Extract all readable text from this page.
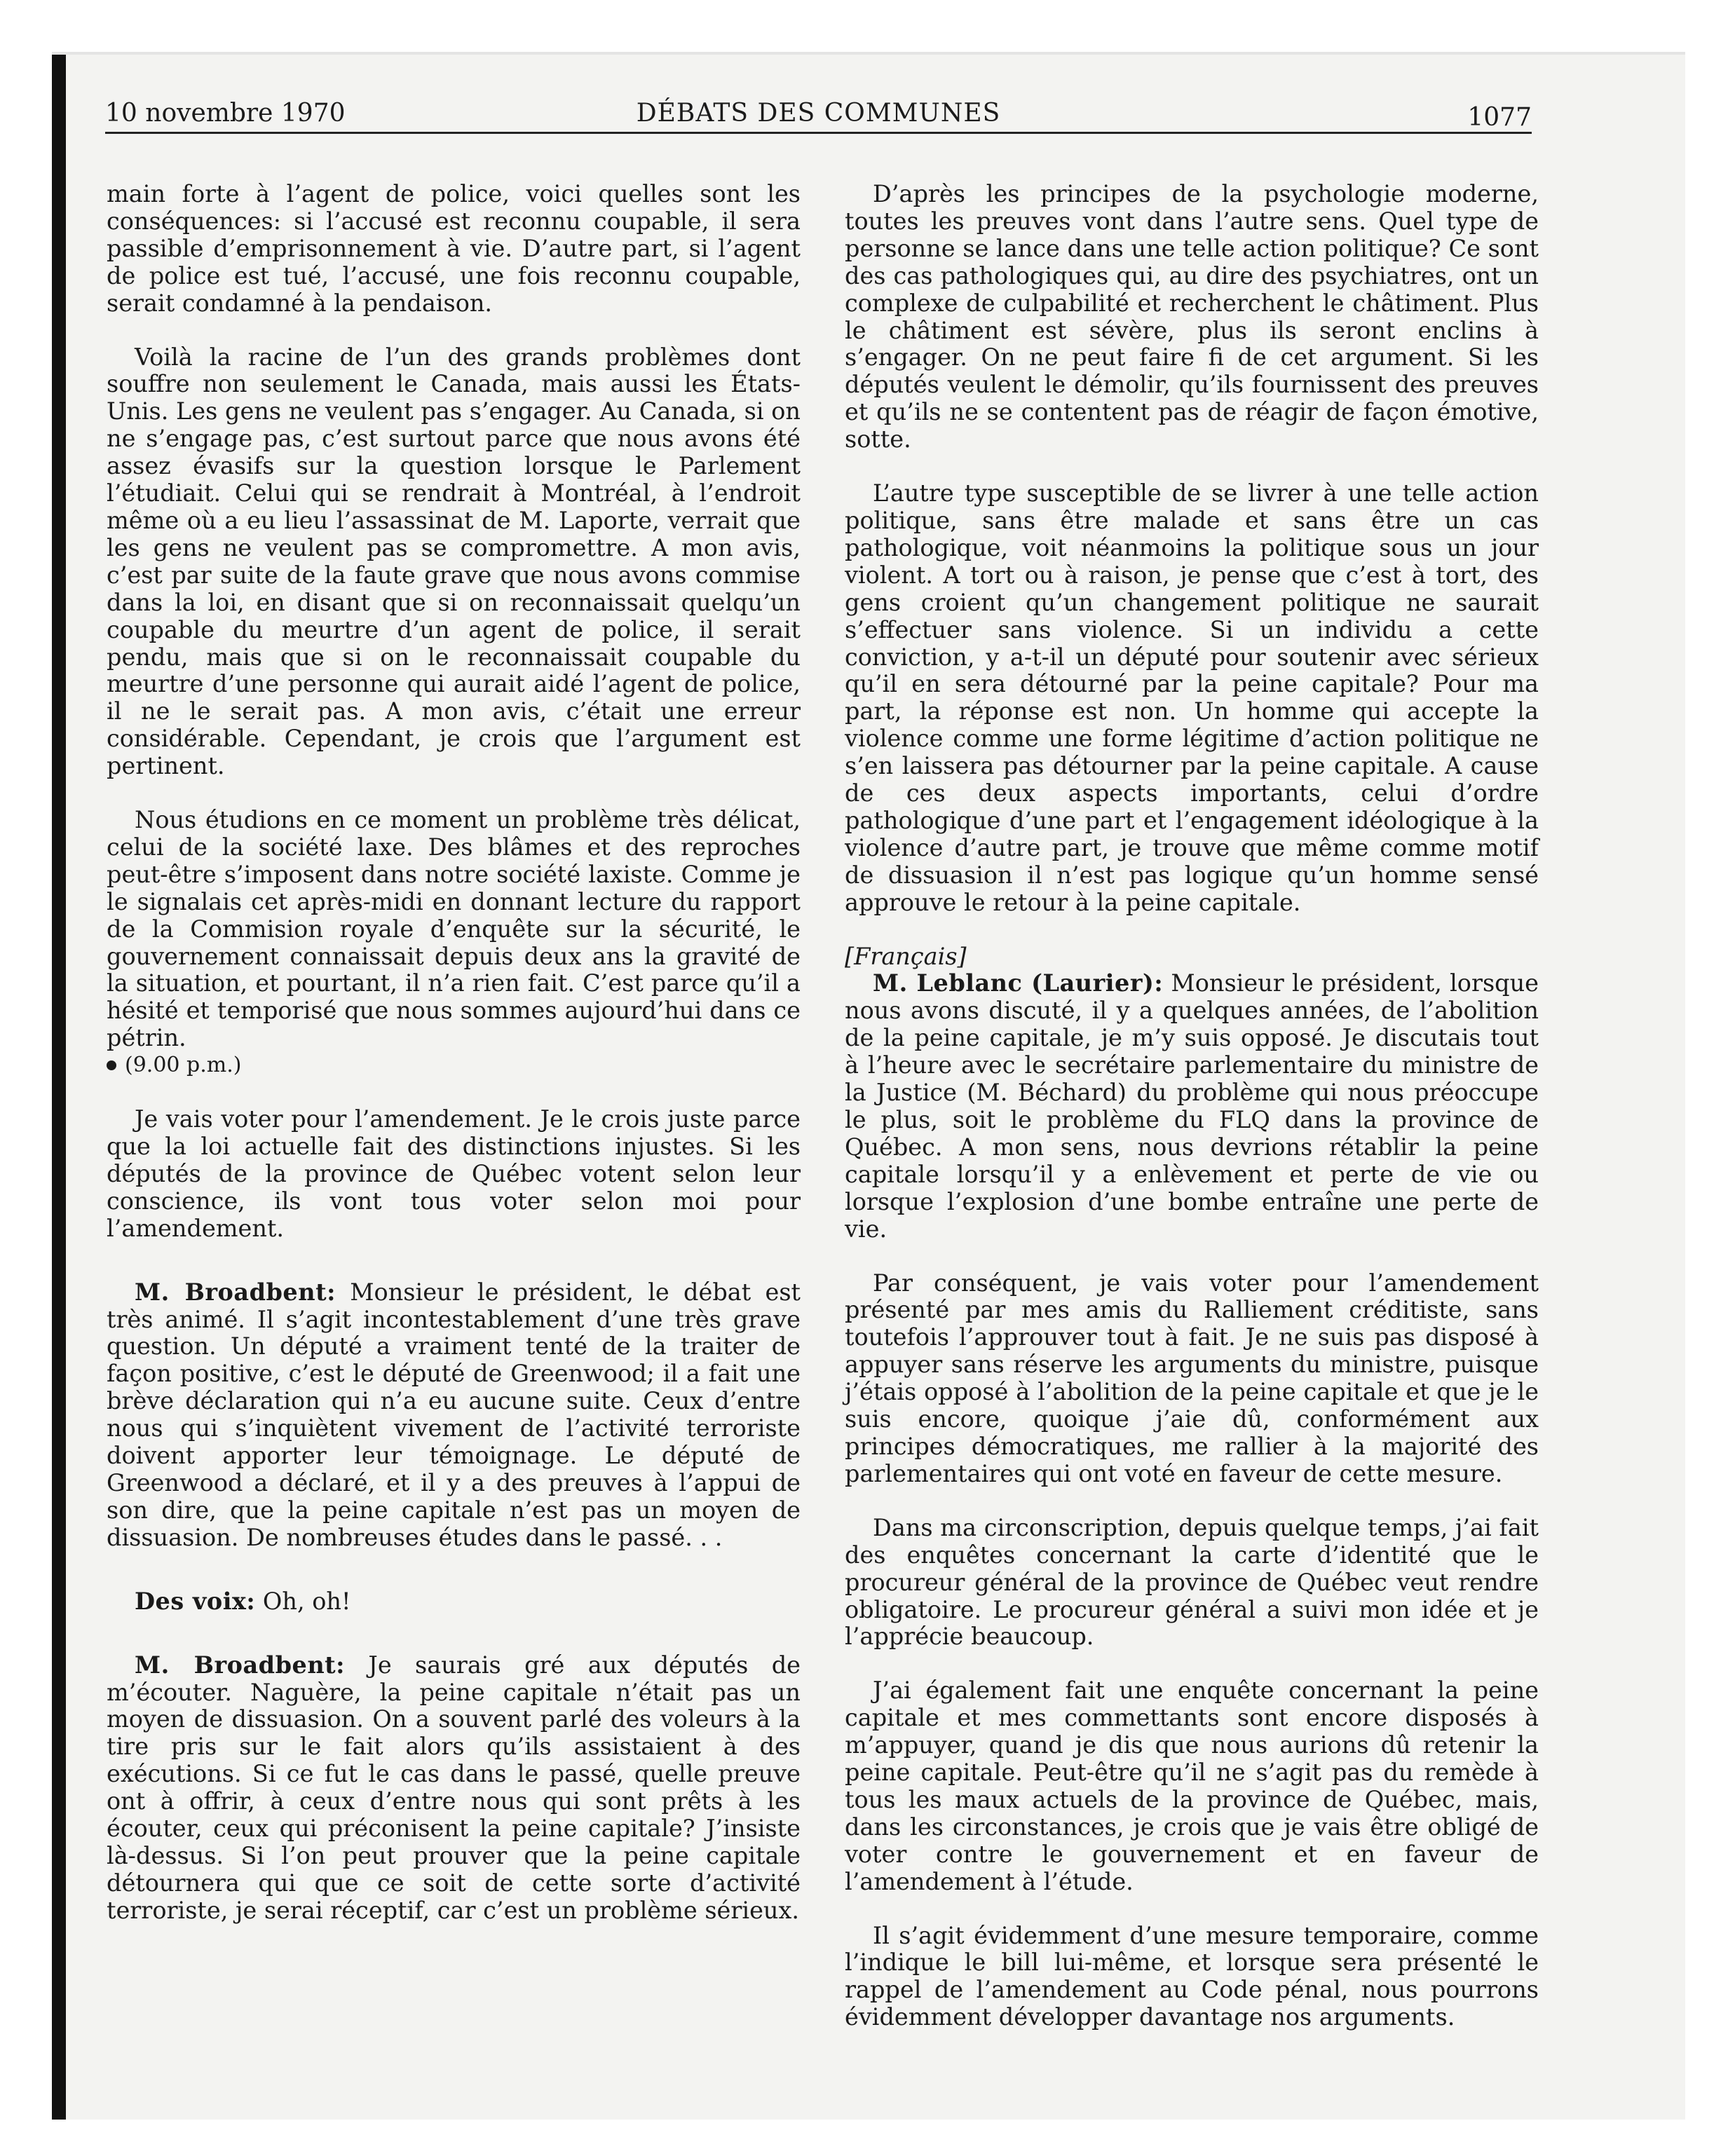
10 novembre 1970	DÉBATS DES COMMUNES	1077

main forte à l’agent de police, voici quelles sont les conséquences: si l’accusé est reconnu coupable, il sera passible d’emprisonnement à vie. D’autre part, si l’agent de police est tué, l’accusé, une fois reconnu coupable, serait condamné à la pendaison.

Voilà la racine de l’un des grands problèmes dont souffre non seulement le Canada, mais aussi les États-Unis. Les gens ne veulent pas s’engager. Au Canada, si on ne s’engage pas, c’est surtout parce que nous avons été assez évasifs sur la question lorsque le Parlement l’étudiait. Celui qui se rendrait à Montréal, à l’endroit même où a eu lieu l’assassinat de M. Laporte, verrait que les gens ne veulent pas se compromettre. A mon avis, c’est par suite de la faute grave que nous avons commise dans la loi, en disant que si on reconnaissait quelqu’un coupable du meurtre d’un agent de police, il serait pendu, mais que si on le reconnaissait coupable du meurtre d’une personne qui aurait aidé l’agent de police, il ne le serait pas. A mon avis, c’était une erreur considérable. Cependant, je crois que l’argument est pertinent.

Nous étudions en ce moment un problème très délicat, celui de la société laxe. Des blâmes et des reproches peut-être s’imposent dans notre société laxiste. Comme je le signalais cet après-midi en donnant lecture du rapport de la Commision royale d’enquête sur la sécurité, le gouvernement connaissait depuis deux ans la gravité de la situation, et pourtant, il n’a rien fait. C’est parce qu’il a hésité et temporisé que nous sommes aujourd’hui dans ce pétrin.

(9.00 p.m.)

Je vais voter pour l’amendement. Je le crois juste parce que la loi actuelle fait des distinctions injustes. Si les députés de la province de Québec votent selon leur conscience, ils vont tous voter selon moi pour l’amendement.

M. Broadbent: Monsieur le président, le débat est très animé. Il s’agit incontestablement d’une très grave question. Un député a vraiment tenté de la traiter de façon positive, c’est le député de Greenwood; il a fait une brève déclaration qui n’a eu aucune suite. Ceux d’entre nous qui s’inquiètent vivement de l’activité terroriste doivent apporter leur témoignage. Le député de Greenwood a déclaré, et il y a des preuves à l’appui de son dire, que la peine capitale n’est pas un moyen de dissuasion. De nombreuses études dans le passé. . .

Des voix: Oh, oh!

M. Broadbent: Je saurais gré aux députés de m’écouter. Naguère, la peine capitale n’était pas un moyen de dissuasion. On a souvent parlé des voleurs à la tire pris sur le fait alors qu’ils assistaient à des exécutions. Si ce fut le cas dans le passé, quelle preuve ont à offrir, à ceux d’entre nous qui sont prêts à les écouter, ceux qui préconisent la peine capitale? J’insiste là-dessus. Si l’on peut prouver que la peine capitale détournera qui que ce soit de cette sorte d’activité terroriste, je serai réceptif, car c’est un problème sérieux.

D’après les principes de la psychologie moderne, toutes les preuves vont dans l’autre sens. Quel type de personne se lance dans une telle action politique? Ce sont des cas pathologiques qui, au dire des psychiatres, ont un complexe de culpabilité et recherchent le châtiment. Plus le châtiment est sévère, plus ils seront enclins à s’engager. On ne peut faire fi de cet argument. Si les députés veulent le démolir, qu’ils fournissent des preuves et qu’ils ne se contentent pas de réagir de façon émotive, sotte.

L’autre type susceptible de se livrer à une telle action politique, sans être malade et sans être un cas pathologique, voit néanmoins la politique sous un jour violent. A tort ou à raison, je pense que c’est à tort, des gens croient qu’un changement politique ne saurait s’effectuer sans violence. Si un individu a cette conviction, y a-t-il un député pour soutenir avec sérieux qu’il en sera détourné par la peine capitale? Pour ma part, la réponse est non. Un homme qui accepte la violence comme une forme légitime d’action politique ne s’en laissera pas détourner par la peine capitale. A cause de ces deux aspects importants, celui d’ordre pathologique d’une part et l’engagement idéologique à la violence d’autre part, je trouve que même comme motif de dissuasion il n’est pas logique qu’un homme sensé approuve le retour à la peine capitale.

[Français]

M. Leblanc (Laurier): Monsieur le président, lorsque nous avons discuté, il y a quelques années, de l’abolition de la peine capitale, je m’y suis opposé. Je discutais tout à l’heure avec le secrétaire parlementaire du ministre de la Justice (M. Béchard) du problème qui nous préoccupe le plus, soit le problème du FLQ dans la province de Québec. A mon sens, nous devrions rétablir la peine capitale lorsqu’il y a enlèvement et perte de vie ou lorsque l’explosion d’une bombe entraîne une perte de vie.

Par conséquent, je vais voter pour l’amendement présenté par mes amis du Ralliement créditiste, sans toutefois l’approuver tout à fait. Je ne suis pas disposé à appuyer sans réserve les arguments du ministre, puisque j’étais opposé à l’abolition de la peine capitale et que je le suis encore, quoique j’aie dû, conformément aux principes démocratiques, me rallier à la majorité des parlementaires qui ont voté en faveur de cette mesure.

Dans ma circonscription, depuis quelque temps, j’ai fait des enquêtes concernant la carte d’identité que le procureur général de la province de Québec veut rendre obligatoire. Le procureur général a suivi mon idée et je l’apprécie beaucoup.

J’ai également fait une enquête concernant la peine capitale et mes commettants sont encore disposés à m’appuyer, quand je dis que nous aurions dû retenir la peine capitale. Peut-être qu’il ne s’agit pas du remède à tous les maux actuels de la province de Québec, mais, dans les circonstances, je crois que je vais être obligé de voter contre le gouvernement et en faveur de l’amendement à l’étude.

Il s’agit évidemment d’une mesure temporaire, comme l’indique le bill lui-même, et lorsque sera présenté le rappel de l’amendement au Code pénal, nous pourrons évidemment développer davantage nos arguments.
